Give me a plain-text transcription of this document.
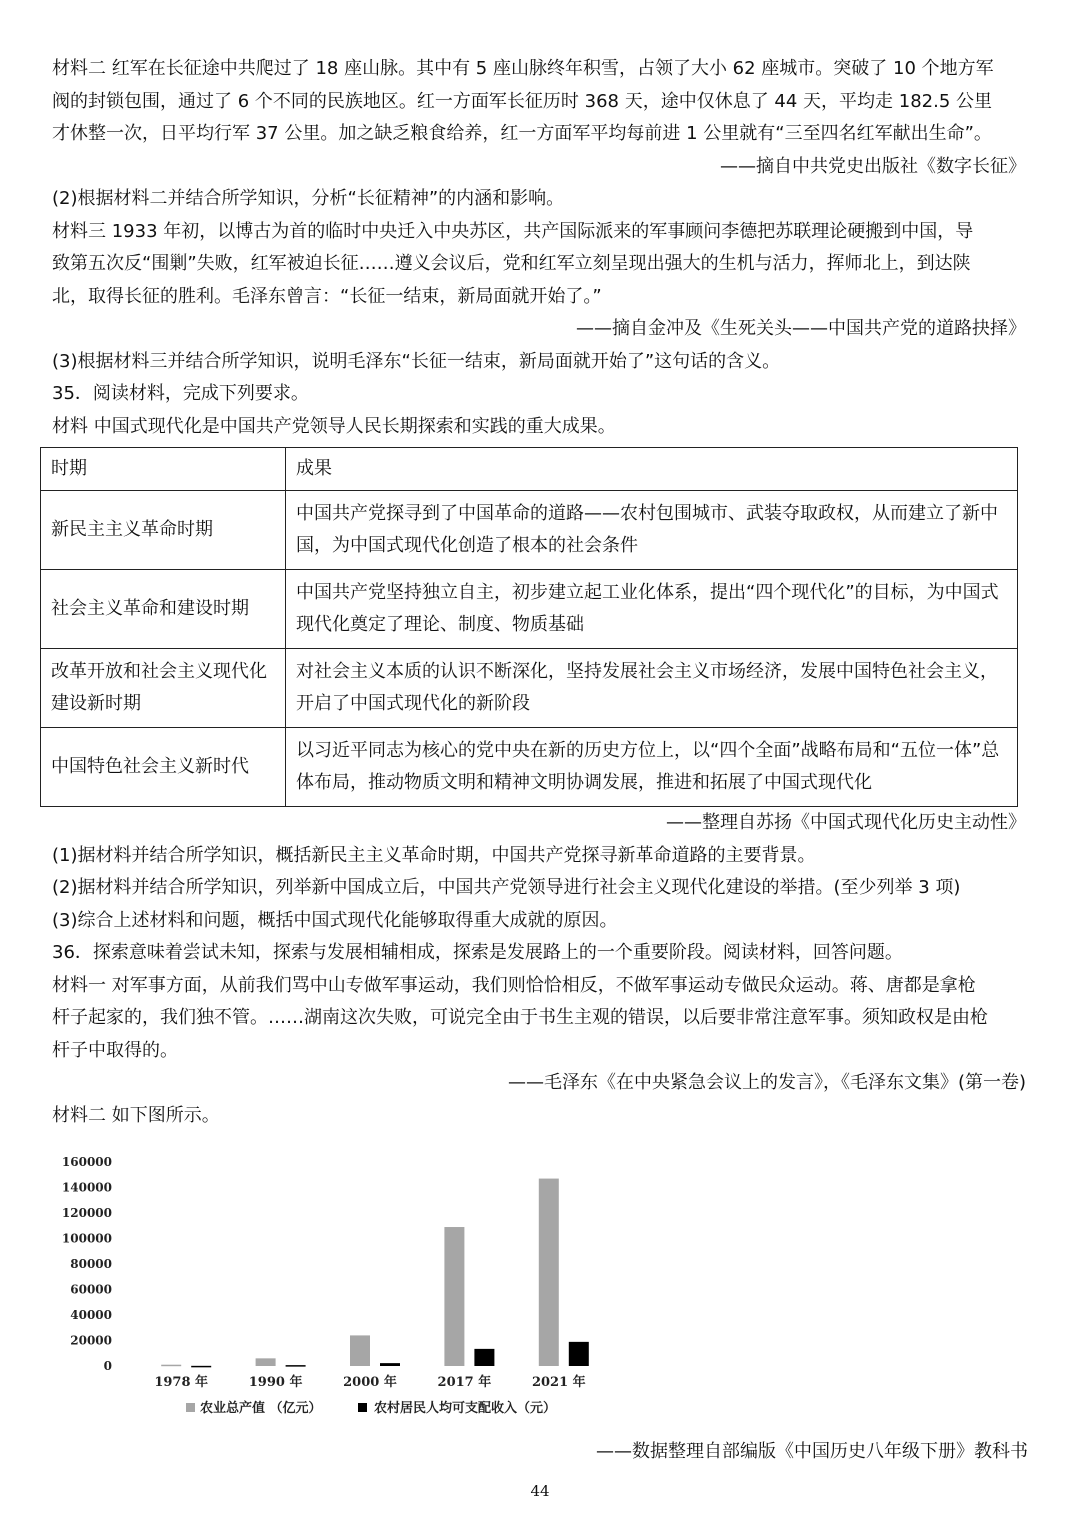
材料二 红军在长征途中共爬过了 18 座山脉。其中有 5 座山脉终年积雪，占领了大小 62 座城市。突破了 10 个地方军

阀的封锁包围，通过了 6 个不同的民族地区。红一方面军长征历时 368 天，途中仅休息了 44 天，平均走 182.5 公里

才休整一次，日平均行军 37 公里。加之缺乏粮食给养，红一方面军平均每前进 1 公里就有“三至四名红军献出生命”。

——摘自中共党史出版社《数字长征》

(2)根据材料二并结合所学知识，分析“长征精神”的内涵和影响。

材料三 1933 年初，以博古为首的临时中央迁入中央苏区，共产国际派来的军事顾问李德把苏联理论硬搬到中国，导

致第五次反“围剿”失败，红军被迫长征……遵义会议后，党和红军立刻呈现出强大的生机与活力，挥师北上，到达陕

北，取得长征的胜利。毛泽东曾言：“长征一结束，新局面就开始了。”

——摘自金冲及《生死关头——中国共产党的道路抉择》

(3)根据材料三并结合所学知识，说明毛泽东“长征一结束，新局面就开始了”这句话的含义。

35．阅读材料，完成下列要求。

材料 中国式现代化是中国共产党领导人民长期探索和实践的重大成果。

时期	成果
新民主主义革命时期	中国共产党探寻到了中国革命的道路——农村包围城市、武装夺取政权，从而建立了新中国，为中国式现代化创造了根本的社会条件
社会主义革命和建设时期	中国共产党坚持独立自主，初步建立起工业化体系，提出“四个现代化”的目标，为中国式现代化奠定了理论、制度、物质基础
改革开放和社会主义现代化建设新时期	对社会主义本质的认识不断深化，坚持发展社会主义市场经济，发展中国特色社会主义，开启了中国式现代化的新阶段
中国特色社会主义新时代	以习近平同志为核心的党中央在新的历史方位上，以“四个全面”战略布局和“五位一体”总体布局，推动物质文明和精神文明协调发展，推进和拓展了中国式现代化

——整理自苏扬《中国式现代化历史主动性》

(1)据材料并结合所学知识，概括新民主主义革命时期，中国共产党探寻新革命道路的主要背景。

(2)据材料并结合所学知识，列举新中国成立后，中国共产党领导进行社会主义现代化建设的举措。(至少列举 3 项)

(3)综合上述材料和问题，概括中国式现代化能够取得重大成就的原因。

36．探索意味着尝试未知，探索与发展相辅相成，探索是发展路上的一个重要阶段。阅读材料，回答问题。

材料一 对军事方面，从前我们骂中山专做军事运动，我们则恰恰相反，不做军事运动专做民众运动。蒋、唐都是拿枪

杆子起家的，我们独不管。……湖南这次失败，可说完全由于书生主观的错误，以后要非常注意军事。须知政权是由枪

杆子中取得的。

——毛泽东《在中央紧急会议上的发言》，《毛泽东文集》(第一卷)

材料二 如下图所示。

0
20000
40000
60000
80000
100000
120000
140000
160000
1978 年	1990 年	2000 年	2017 年	2021 年
农业总产值 （亿元）	农村居民人均可支配收入（元）
——数据整理自部编版《中国历史八年级下册》教科书
44
